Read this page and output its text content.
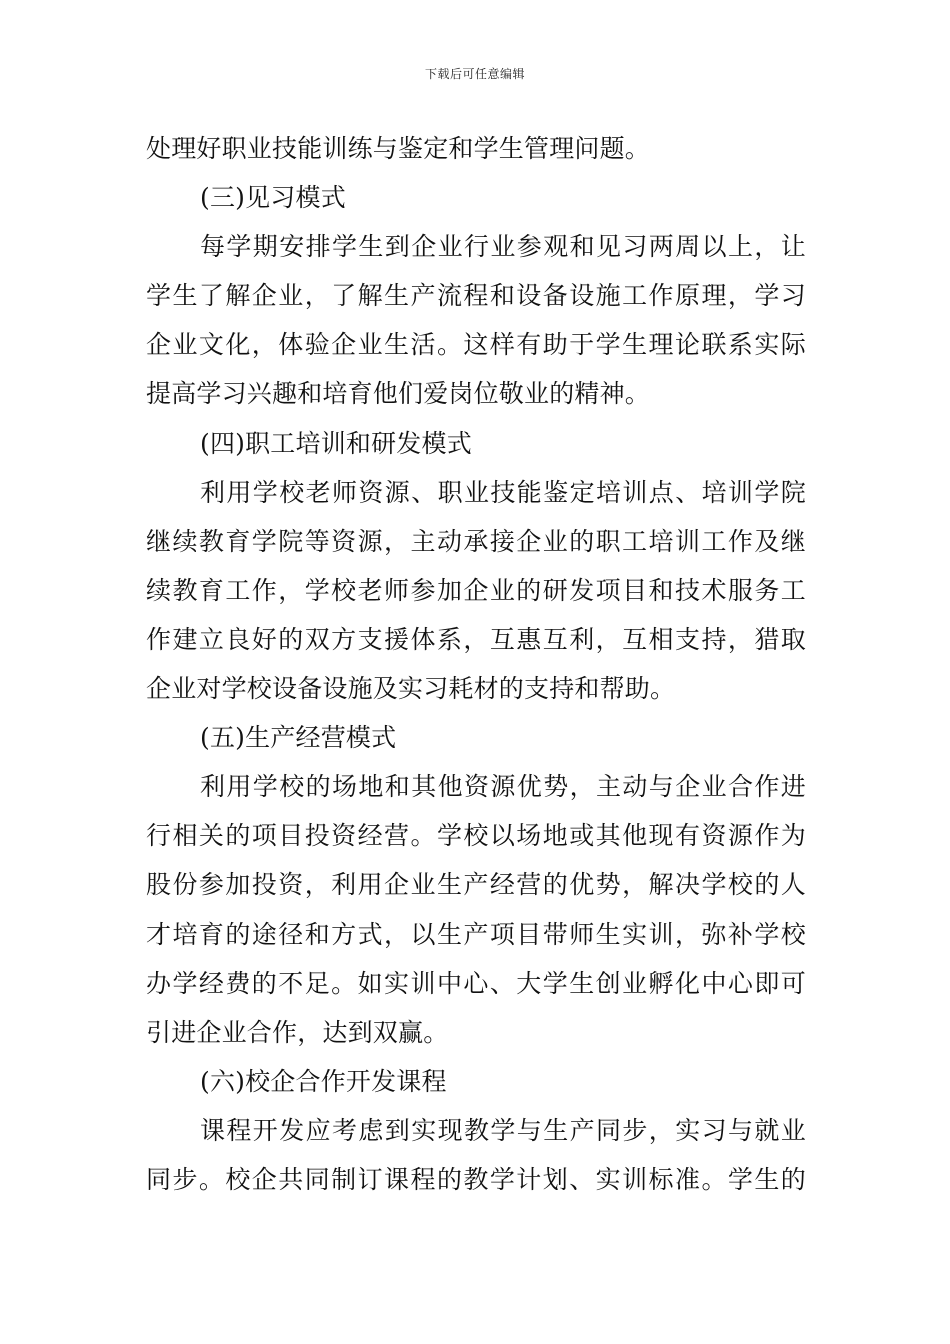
下载后可任意编辑
处理好职业技能训练与鉴定和学生管理问题。
(三)见习模式
每学期安排学生到企业行业参观和见习两周以上，让
学生了解企业，了解生产流程和设备设施工作原理，学习
企业文化，体验企业生活。这样有助于学生理论联系实际
提高学习兴趣和培育他们爱岗位敬业的精神。
(四)职工培训和研发模式
利用学校老师资源、职业技能鉴定培训点、培训学院
继续教育学院等资源，主动承接企业的职工培训工作及继
续教育工作，学校老师参加企业的研发项目和技术服务工
作建立良好的双方支援体系，互惠互利，互相支持，猎取
企业对学校设备设施及实习耗材的支持和帮助。
(五)生产经营模式
利用学校的场地和其他资源优势，主动与企业合作进
行相关的项目投资经营。学校以场地或其他现有资源作为
股份参加投资，利用企业生产经营的优势，解决学校的人
才培育的途径和方式，以生产项目带师生实训，弥补学校
办学经费的不足。如实训中心、大学生创业孵化中心即可
引进企业合作，达到双赢。
(六)校企合作开发课程
课程开发应考虑到实现教学与生产同步，实习与就业
同步。校企共同制订课程的教学计划、实训标准。学生的
